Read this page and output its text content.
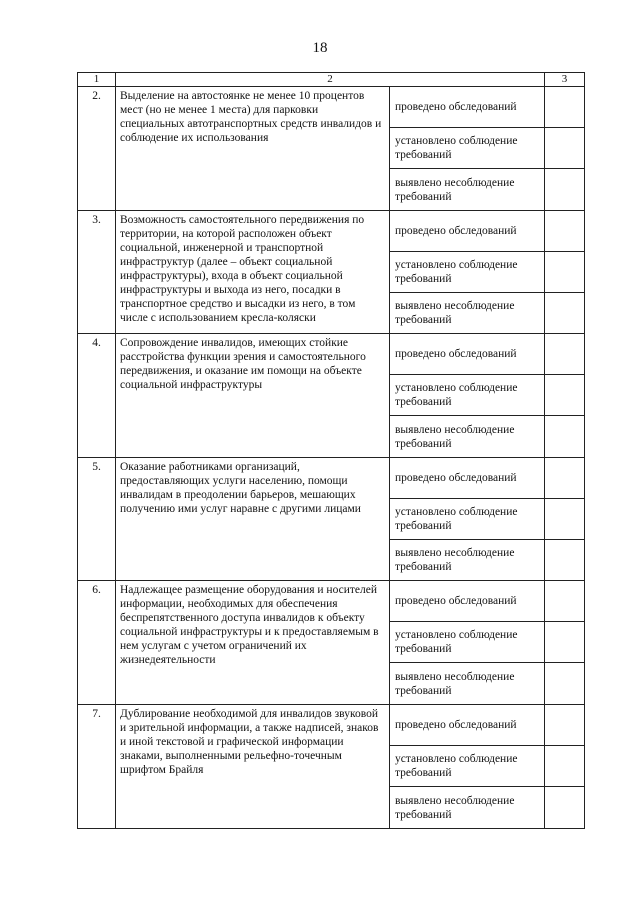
18
1	2		3
2.	Выделение на автостоянке не менее 10 процентов мест (но не менее 1 места) для парковки специальных автотранспортных средств инвалидов и соблюдение их использования	проведено обследований	
		установлено соблюдение требований	
		выявлено несоблюдение требований	
3.	Возможность самостоятельного передвижения по территории, на которой расположен объект социальной, инженерной и транспортной инфраструктур (далее – объект социальной инфраструктуры), входа в объект социальной инфраструктуры и выхода из него, посадки в транспортное средство и высадки из него, в том числе с использованием кресла-коляски	проведено обследований	
		установлено соблюдение требований	
		выявлено несоблюдение требований	
4.	Сопровождение инвалидов, имеющих стойкие расстройства функции зрения и самостоятельного передвижения, и оказание им помощи на объекте социальной инфраструктуры	проведено обследований	
		установлено соблюдение требований	
		выявлено несоблюдение требований	
5.	Оказание работниками организаций, предоставляющих услуги населению, помощи инвалидам в преодолении барьеров, мешающих получению ими услуг наравне с другими лицами	проведено обследований	
		установлено соблюдение требований	
		выявлено несоблюдение требований	
6.	Надлежащее размещение оборудования и носителей информации, необходимых для обеспечения беспрепятственного доступа инвалидов к объекту социальной инфраструктуры и к предоставляемым в нем услугам с учетом ограничений их жизнедеятельности	проведено обследований	
		установлено соблюдение требований	
		выявлено несоблюдение требований	
7.	Дублирование необходимой для инвалидов звуковой и зрительной информации, а также надписей, знаков и иной текстовой и графической информации знаками, выполненными рельефно-точечным шрифтом Брайля	проведено обследований	
		установлено соблюдение требований	
		выявлено несоблюдение требований	
